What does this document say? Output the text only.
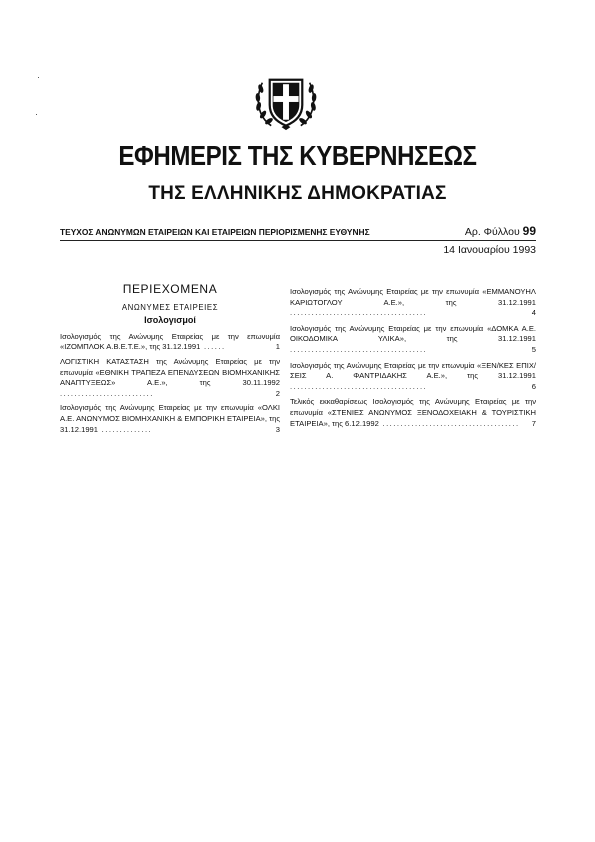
ΕΦΗΜΕΡΙΣ ΤΗΣ ΚΥΒΕΡΝΗΣΕΩΣ
ΤΗΣ ΕΛΛΗΝΙΚΗΣ ΔΗΜΟΚΡΑΤΙΑΣ
ΤΕΥΧΟΣ ΑΝΩΝΥΜΩΝ ΕΤΑΙΡΕΙΩΝ ΚΑΙ ΕΤΑΙΡΕΙΩΝ ΠΕΡΙΟΡΙΣΜΕΝΗΣ ΕΥΘΥΝΗΣ	Αρ. Φύλλου 99
14 Ιανουαρίου 1993
ΠΕΡΙΕΧΟΜΕΝΑ
ΑΝΩΝΥΜΕΣ ΕΤΑΙΡΕΙΕΣ
Ισολογισμοί
Ισολογισμός της Ανώνυμης Εταιρείας με την επωνυμία «ΙΖΟΜΠΛΟΚ Α.Β.Ε.Τ.Ε.», της 31.12.1991 ......	1
ΛΟΓΙΣΤΙΚΗ ΚΑΤΑΣΤΑΣΗ της Ανώνυμης Εταιρείας με την επωνυμία «ΕΘΝΙΚΗ ΤΡΑΠΕΖΑ ΕΠΕΝΔΥΣΕΩΝ ΒΙΟΜΗΧΑΝΙΚΗΣ ΑΝΑΠΤΥΞΕΩΣ» Α.Ε.», της 30.11.1992 ..........................	2
Ισολογισμός της Ανώνυμης Εταιρείας με την επωνυμία «ΟΛΚΙ Α.Ε. ΑΝΩΝΥΜΟΣ ΒΙΟΜΗΧΑΝΙΚΗ & ΕΜΠΟΡΙΚΗ ΕΤΑΙΡΕΙΑ», της 31.12.1991 ..............	3
Ισολογισμός της Ανώνυμης Εταιρείας με την επωνυμία «ΕΜΜΑΝΟΥΗΛ ΚΑΡΙΩΤΟΓΛΟΥ Α.Ε.», της 31.12.1991 ......................................	4
Ισολογισμός της Ανώνυμης Εταιρείας με την επωνυμία «ΔΟΜΚΑ Α.Ε. ΟΙΚΟΔΟΜΙΚΑ ΥΛΙΚΑ», της 31.12.1991 ......................................	5
Ισολογισμός της Ανώνυμης Εταιρείας με την επωνυμία «ΞΕΝ/ΚΕΣ ΕΠΙΧ/ΣΕΙΣ Α. ΦΑΝΤΡΙΔΑΚΗΣ Α.Ε.», της 31.12.1991 ......................................	6
Τελικός εκκαθαρίσεως Ισολογισμός της Ανώνυμης Εταιρείας με την επωνυμία «ΣΤΕΝΙΕΣ ΑΝΩΝΥΜΟΣ ΞΕΝΟΔΟΧΕΙΑΚΗ & ΤΟΥΡΙΣΤΙΚΗ ΕΤΑΙΡΕΙΑ», της 6.12.1992 ...................................... 7
